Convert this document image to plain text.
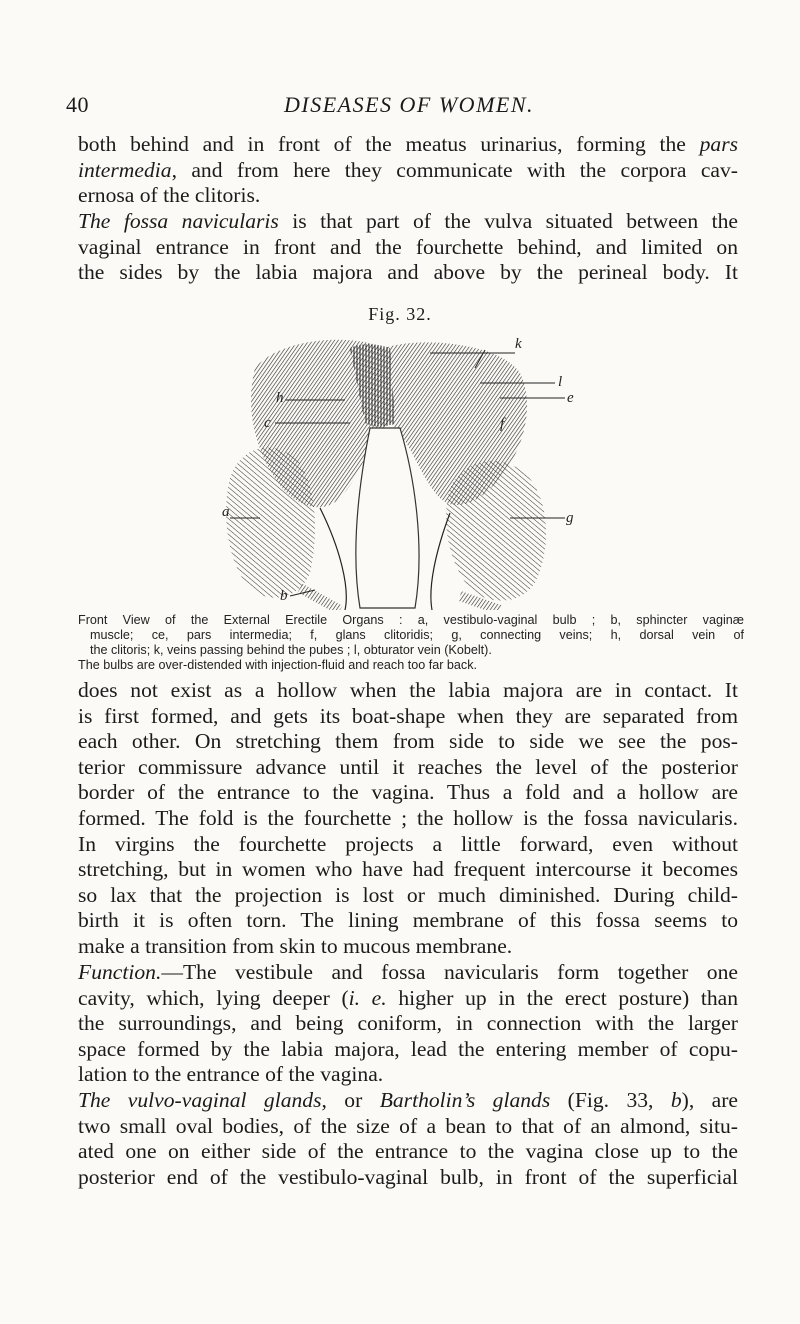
40	DISEASES OF WOMEN.
both behind and in front of the meatus urinarius, forming the pars
intermedia, and from here they communicate with the corpora cav-
ernosa of the clitoris.
The fossa navicularis is that part of the vulva situated between the
vaginal entrance in front and the fourchette behind, and limited on
the sides by the labia majora and above by the perineal body. It
Fig. 32.
k
l
e
h
c
a	g
b
f
Front View of the External Erectile Organs : a, vestibulo-vaginal bulb ; b, sphincter vaginæ
muscle; ce, pars intermedia; f, glans clitoridis; g, connecting veins; h, dorsal vein of
the clitoris; k, veins passing behind the pubes ; l, obturator vein (Kobelt).
The bulbs are over-distended with injection-fluid and reach too far back.
does not exist as a hollow when the labia majora are in contact. It
is first formed, and gets its boat-shape when they are separated from
each other. On stretching them from side to side we see the pos-
terior commissure advance until it reaches the level of the posterior
border of the entrance to the vagina. Thus a fold and a hollow are
formed. The fold is the fourchette ; the hollow is the fossa navicularis.
In virgins the fourchette projects a little forward, even without
stretching, but in women who have had frequent intercourse it becomes
so lax that the projection is lost or much diminished. During child-
birth it is often torn. The lining membrane of this fossa seems to
make a transition from skin to mucous membrane.
Function.—The vestibule and fossa navicularis form together one
cavity, which, lying deeper (i. e. higher up in the erect posture) than
the surroundings, and being coniform, in connection with the larger
space formed by the labia majora, lead the entering member of copu-
lation to the entrance of the vagina.
The vulvo-vaginal glands, or Bartholin’s glands (Fig. 33, b), are
two small oval bodies, of the size of a bean to that of an almond, situ-
ated one on either side of the entrance to the vagina close up to the
posterior end of the vestibulo-vaginal bulb, in front of the superficial
